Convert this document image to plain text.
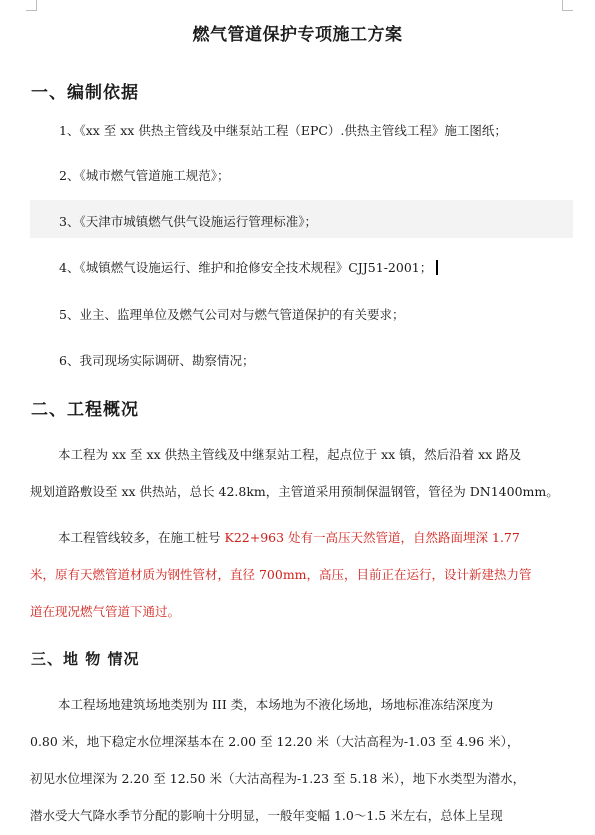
燃气管道保护专项施工方案
一、编制依据
1、《xx 至 xx 供热主管线及中继泵站工程（EPC）.供热主管线工程》施工图纸；
2、《城市燃气管道施工规范》；
3、《天津市城镇燃气供气设施运行管理标准》；
4、《城镇燃气设施运行、维护和抢修安全技术规程》CJJ51-2001；
5、业主、监理单位及燃气公司对与燃气管道保护的有关要求；
6、我司现场实际调研、勘察情况；
二、工程概况
本工程为 xx 至 xx 供热主管线及中继泵站工程，起点位于 xx 镇，然后沿着 xx 路及
规划道路敷设至 xx 供热站，总长 42.8km，主管道采用预制保温钢管，管径为 DN1400mm。
本工程管线较多，在施工桩号 K22+963 处有一高压天然管道，自然路面埋深 1.77
米，原有天燃管道材质为钢性管材，直径 700mm，高压，目前正在运行，设计新建热力管
道在现况燃气管道下通过。
三、地 物 情况
本工程场地建筑场地类别为 III 类，本场地为不液化场地，场地标准冻结深度为
0.80 米，地下稳定水位埋深基本在 2.00 至 12.20 米（大沽高程为-1.03 至 4.96 米），
初见水位埋深为 2.20 至 12.50 米（大沽高程为-1.23 至 5.18 米），地下水类型为潜水，
潜水受大气降水季节分配的影响十分明显，一般年变幅 1.0～1.5 米左右，总体上呈现
